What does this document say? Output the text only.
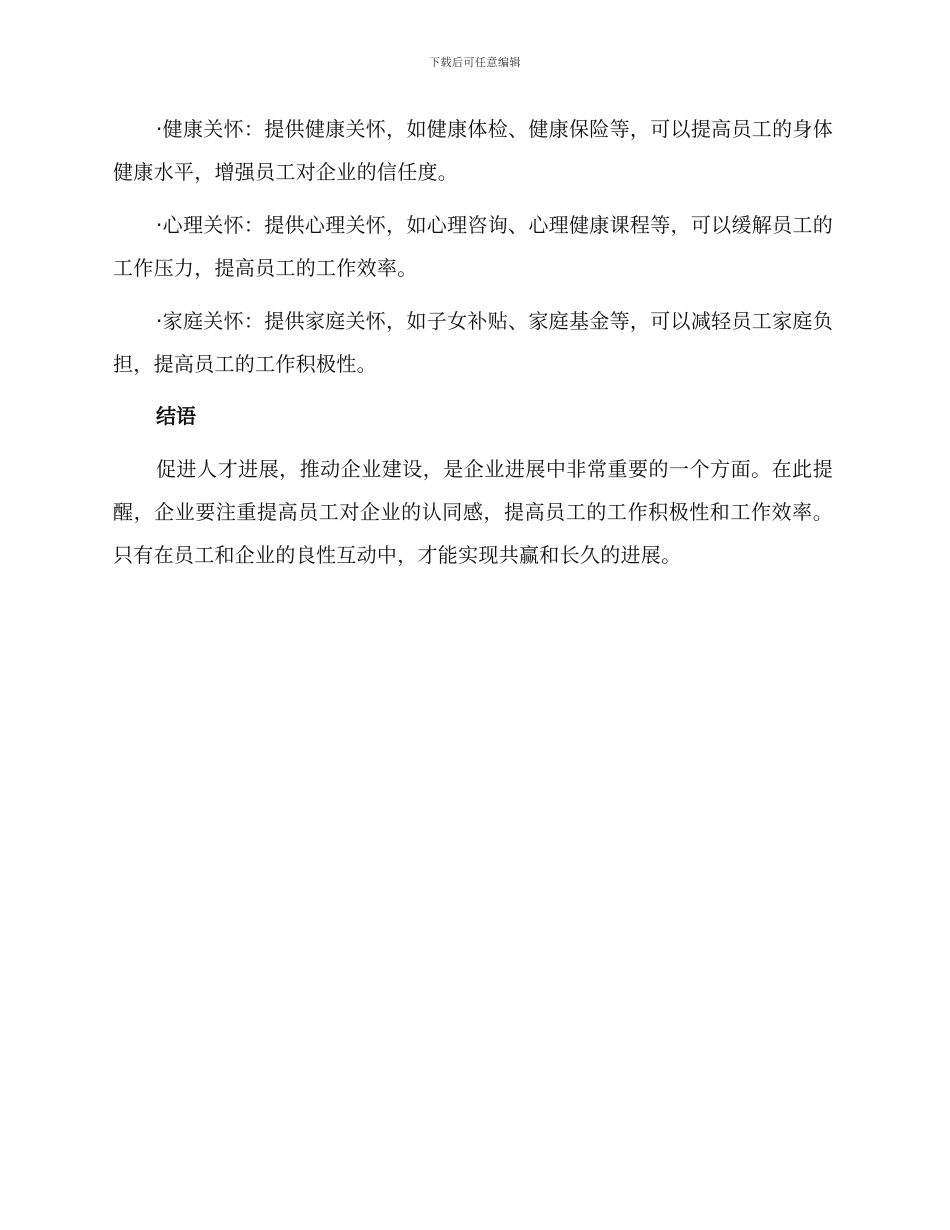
下载后可任意编辑

·健康关怀：提供健康关怀，如健康体检、健康保险等，可以提高员工的身体健康水平，增强员工对企业的信任度。

·心理关怀：提供心理关怀，如心理咨询、心理健康课程等，可以缓解员工的工作压力，提高员工的工作效率。

·家庭关怀：提供家庭关怀，如子女补贴、家庭基金等，可以减轻员工家庭负担，提高员工的工作积极性。

结语

促进人才进展，推动企业建设，是企业进展中非常重要的一个方面。在此提醒，企业要注重提高员工对企业的认同感，提高员工的工作积极性和工作效率。只有在员工和企业的良性互动中，才能实现共赢和长久的进展。
